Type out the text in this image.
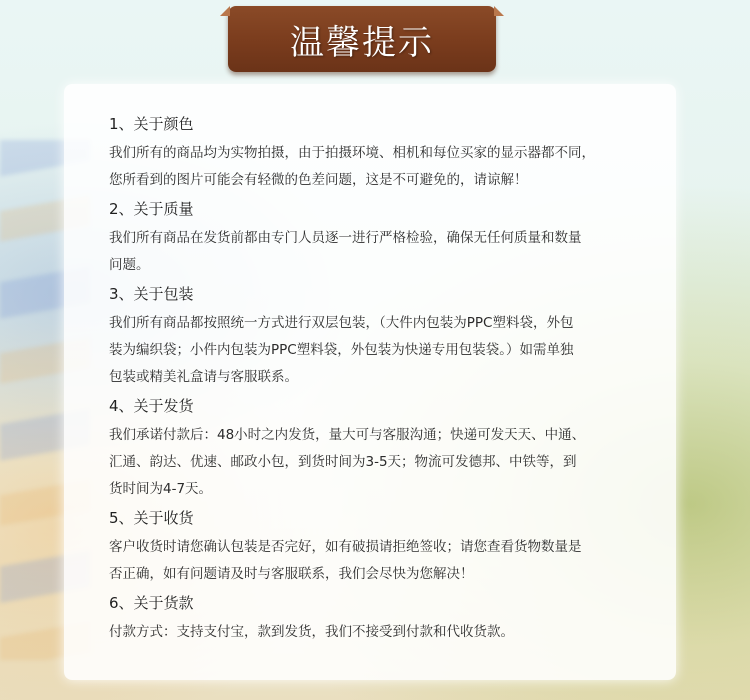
温馨提示
1、关于颜色
我们所有的商品均为实物拍摄，由于拍摄环境、相机和每位买家的显示器都不同，
您所看到的图片可能会有轻微的色差问题，这是不可避免的，请谅解！
2、关于质量
我们所有商品在发货前都由专门人员逐一进行严格检验，确保无任何质量和数量
问题。
3、关于包装
我们所有商品都按照统一方式进行双层包装，（大件内包装为PPC塑料袋，外包
装为编织袋；小件内包装为PPC塑料袋，外包装为快递专用包装袋。）如需单独
包装或精美礼盒请与客服联系。
4、关于发货
我们承诺付款后：48小时之内发货，量大可与客服沟通；快递可发天天、中通、
汇通、韵达、优速、邮政小包，到货时间为3-5天；物流可发德邦、中铁等，到
货时间为4-7天。
5、关于收货
客户收货时请您确认包装是否完好，如有破损请拒绝签收；请您查看货物数量是
否正确，如有问题请及时与客服联系，我们会尽快为您解决！
6、关于货款
付款方式：支持支付宝，款到发货，我们不接受到付款和代收货款。
